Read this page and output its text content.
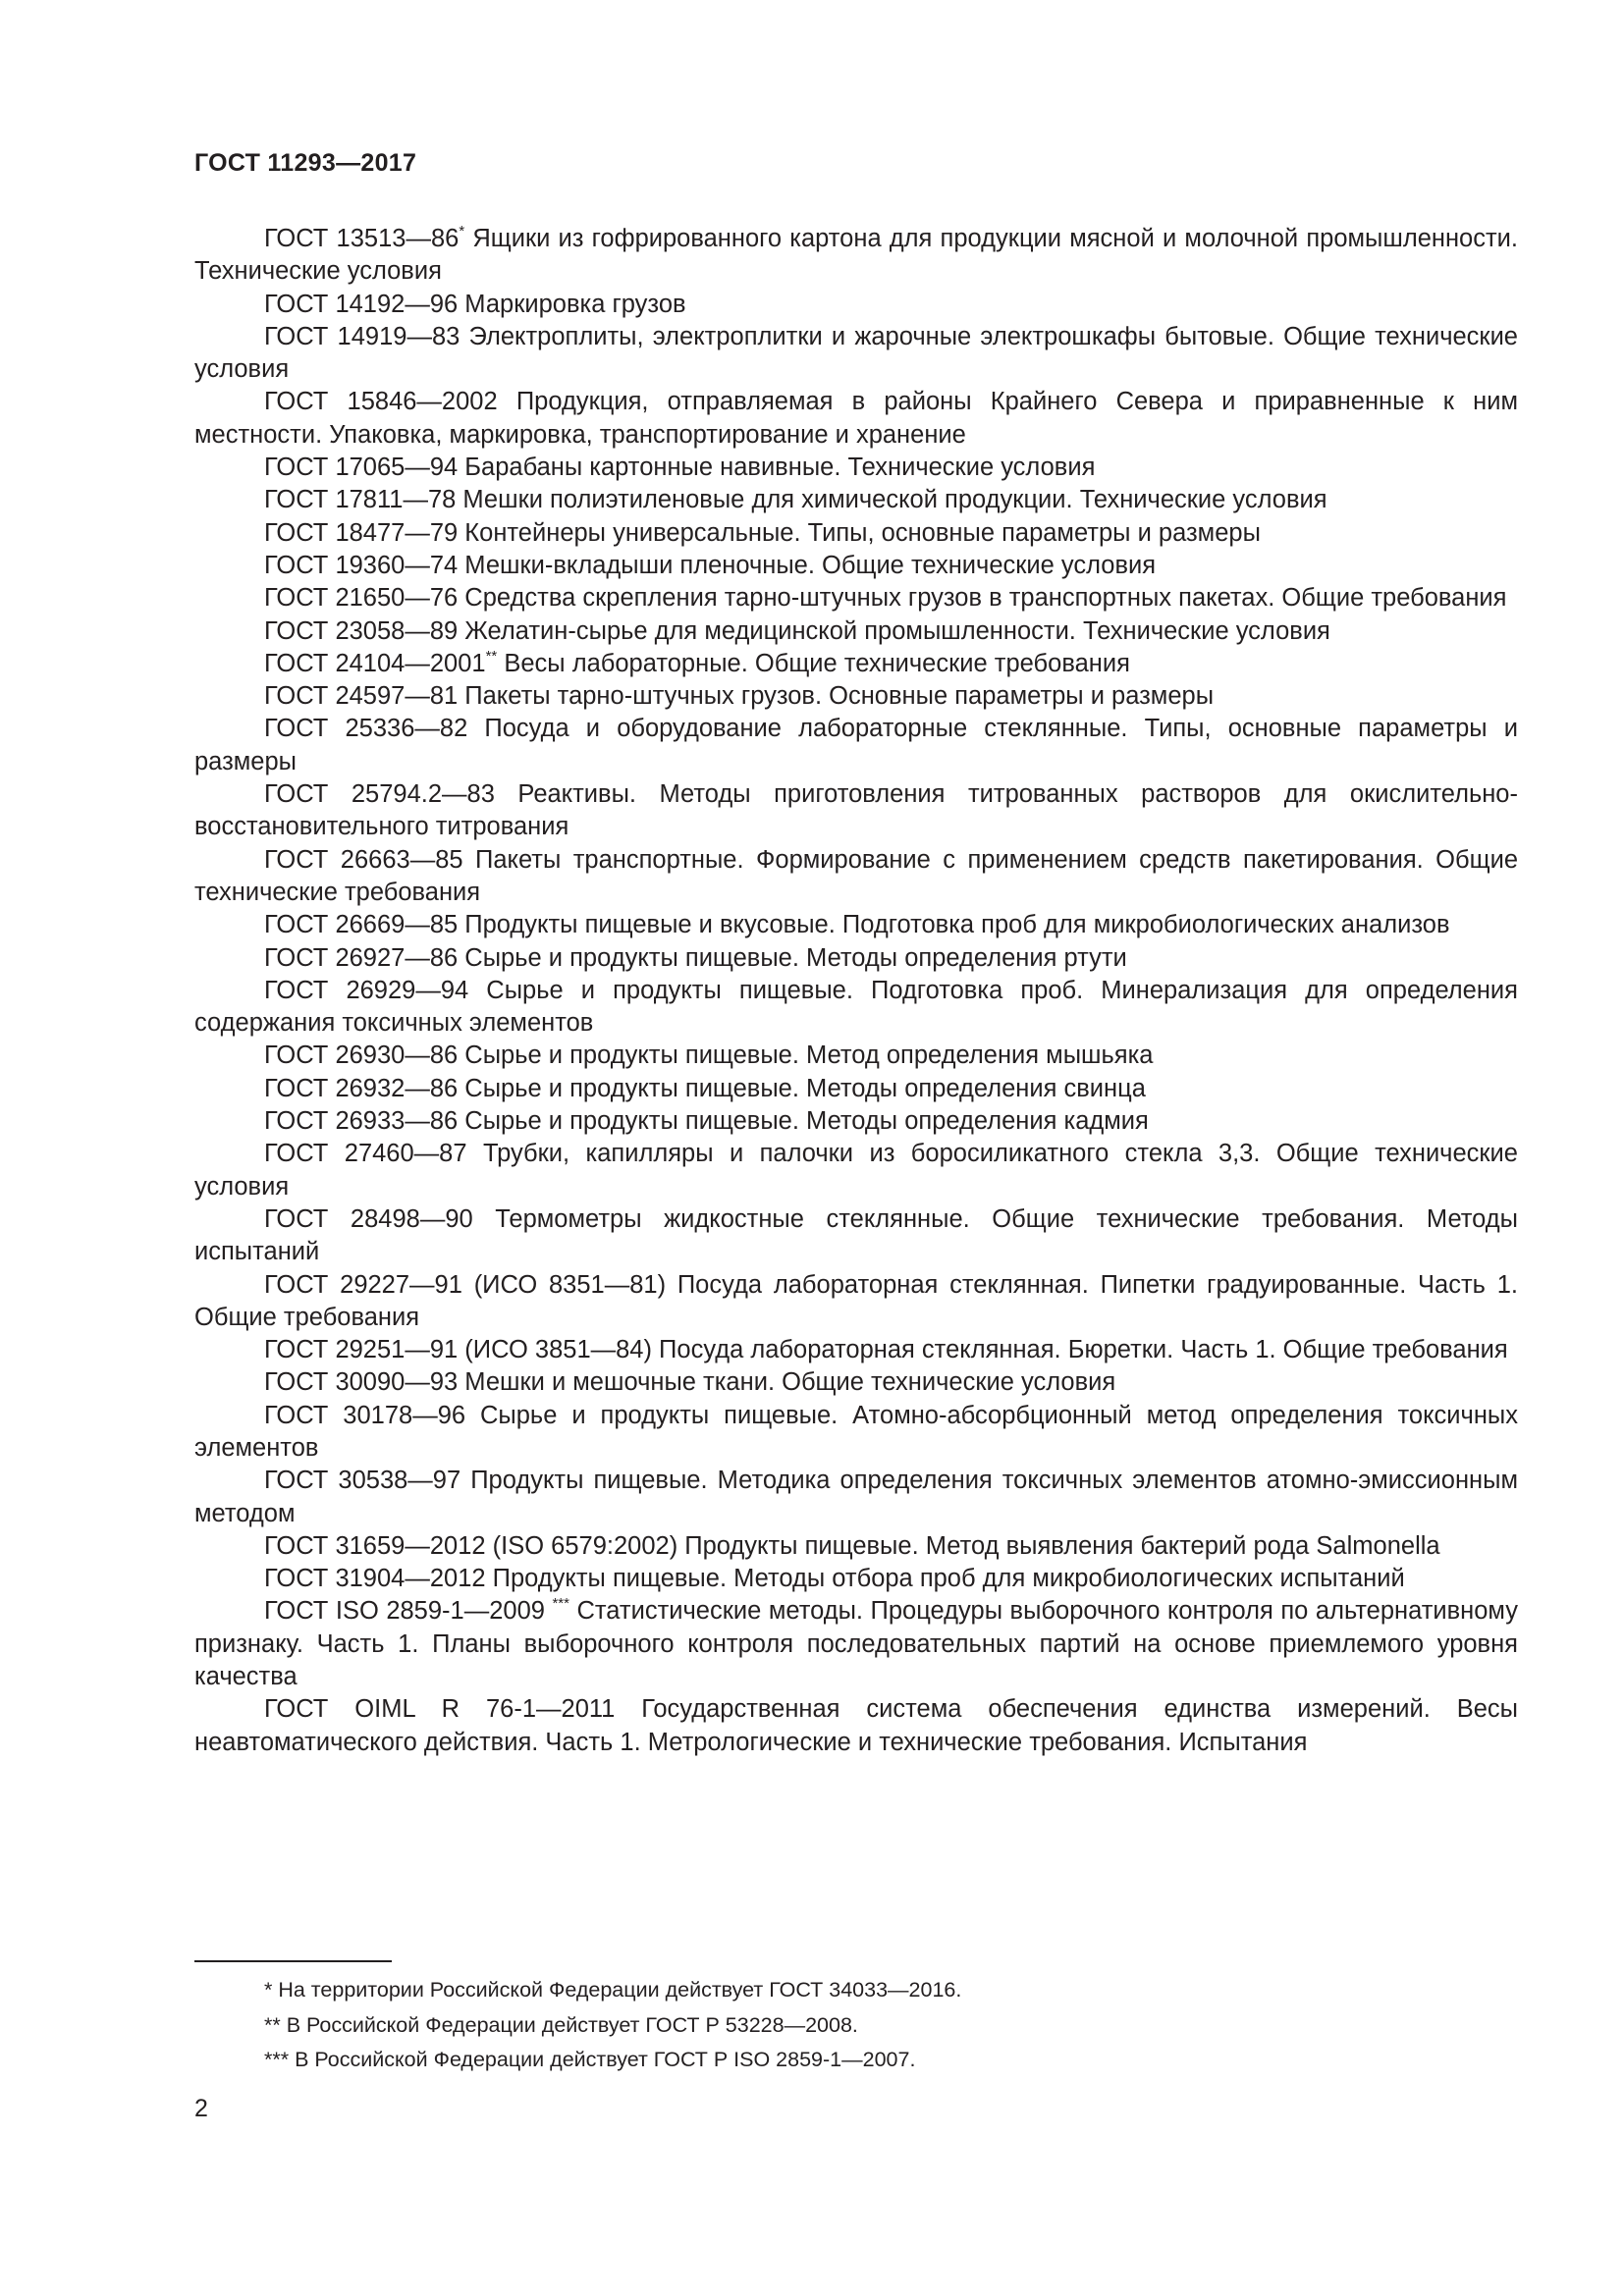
ГОСТ 11293—2017

ГОСТ 13513—86* Ящики из гофрированного картона для продукции мясной и молочной промышленности. Технические условия

ГОСТ 14192—96 Маркировка грузов

ГОСТ 14919—83 Электроплиты, электроплитки и жарочные электрошкафы бытовые. Общие технические условия

ГОСТ 15846—2002 Продукция, отправляемая в районы Крайнего Севера и приравненные к ним местности. Упаковка, маркировка, транспортирование и хранение

ГОСТ 17065—94 Барабаны картонные навивные. Технические условия

ГОСТ 17811—78 Мешки полиэтиленовые для химической продукции. Технические условия

ГОСТ 18477—79 Контейнеры универсальные. Типы, основные параметры и размеры

ГОСТ 19360—74 Мешки-вкладыши пленочные. Общие технические условия

ГОСТ 21650—76 Средства скрепления тарно-штучных грузов в транспортных пакетах. Общие требования

ГОСТ 23058—89 Желатин-сырье для медицинской промышленности. Технические условия

ГОСТ 24104—2001** Весы лабораторные. Общие технические требования

ГОСТ 24597—81 Пакеты тарно-штучных грузов. Основные параметры и размеры

ГОСТ 25336—82 Посуда и оборудование лабораторные стеклянные. Типы, основные параметры и размеры

ГОСТ 25794.2—83 Реактивы. Методы приготовления титрованных растворов для окислительно-восстановительного титрования

ГОСТ 26663—85 Пакеты транспортные. Формирование с применением средств пакетирования. Общие технические требования

ГОСТ 26669—85 Продукты пищевые и вкусовые. Подготовка проб для микробиологических анализов

ГОСТ 26927—86 Сырье и продукты пищевые. Методы определения ртути

ГОСТ 26929—94 Сырье и продукты пищевые. Подготовка проб. Минерализация для определения содержания токсичных элементов

ГОСТ 26930—86 Сырье и продукты пищевые. Метод определения мышьяка

ГОСТ 26932—86 Сырье и продукты пищевые. Методы определения свинца

ГОСТ 26933—86 Сырье и продукты пищевые. Методы определения кадмия

ГОСТ 27460—87 Трубки, капилляры и палочки из боросиликатного стекла 3,3. Общие технические условия

ГОСТ 28498—90 Термометры жидкостные стеклянные. Общие технические требования. Методы испытаний

ГОСТ 29227—91 (ИСО 8351—81) Посуда лабораторная стеклянная. Пипетки градуированные. Часть 1. Общие требования

ГОСТ 29251—91 (ИСО 3851—84) Посуда лабораторная стеклянная. Бюретки. Часть 1. Общие требования

ГОСТ 30090—93 Мешки и мешочные ткани. Общие технические условия

ГОСТ 30178—96 Сырье и продукты пищевые. Атомно-абсорбционный метод определения токсичных элементов

ГОСТ 30538—97 Продукты пищевые. Методика определения токсичных элементов атомно-эмиссионным методом

ГОСТ 31659—2012 (ISO 6579:2002) Продукты пищевые. Метод выявления бактерий рода Salmonella

ГОСТ 31904—2012 Продукты пищевые. Методы отбора проб для микробиологических испытаний

ГОСТ ISO 2859-1—2009 *** Статистические методы. Процедуры выборочного контроля по альтернативному признаку. Часть 1. Планы выборочного контроля последовательных партий на основе приемлемого уровня качества

ГОСТ OIML R 76-1—2011 Государственная система обеспечения единства измерений. Весы неавтоматического действия. Часть 1. Метрологические и технические требования. Испытания

* На территории Российской Федерации действует ГОСТ 34033—2016.

** В Российской Федерации действует ГОСТ Р 53228—2008.

*** В Российской Федерации действует ГОСТ Р ISO 2859-1—2007.

2
